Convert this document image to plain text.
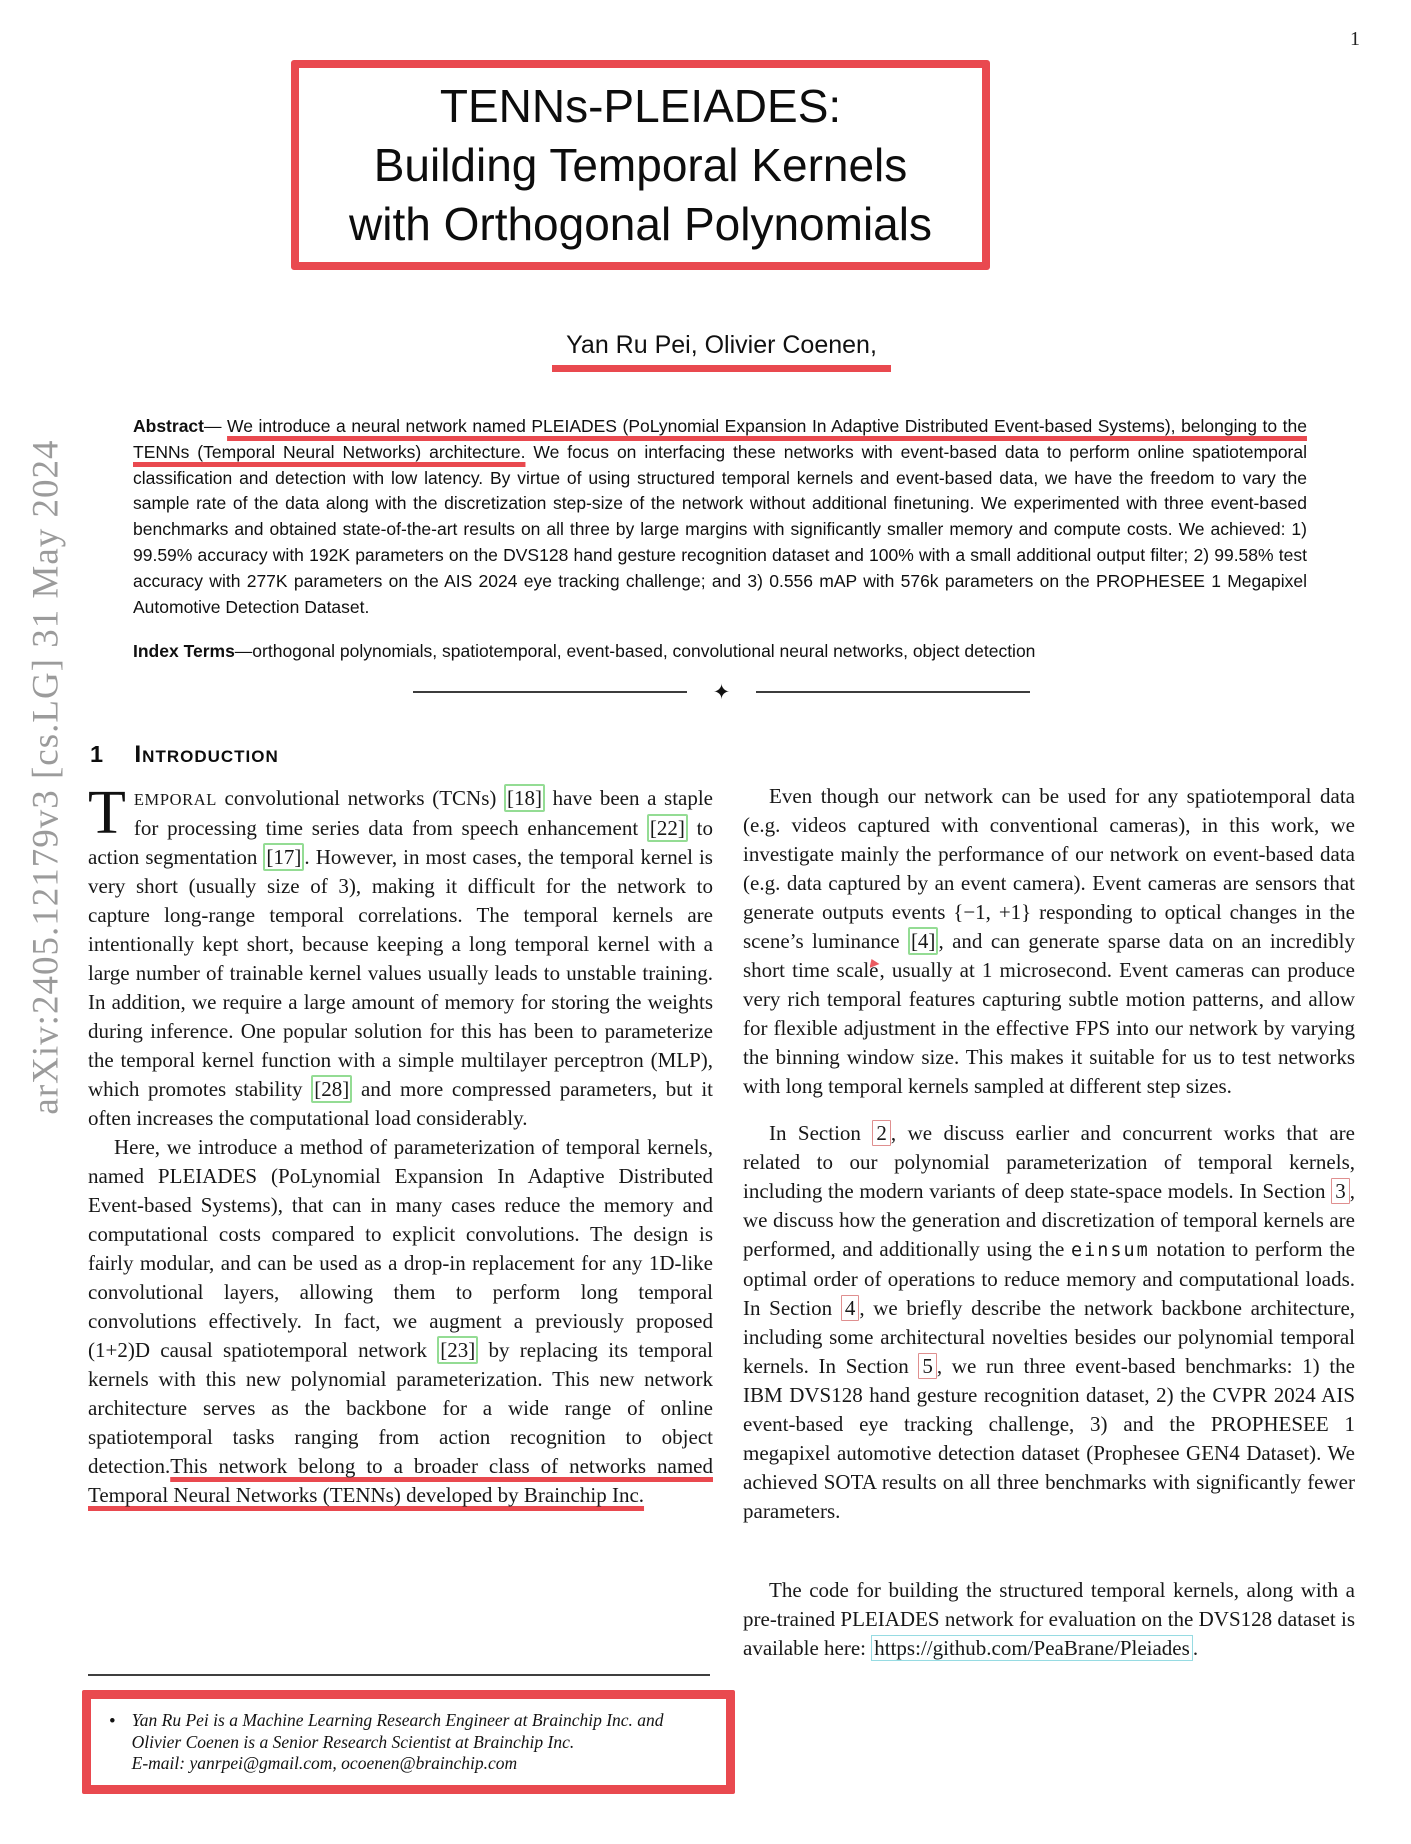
1
arXiv:2405.12179v3 [cs.LG] 31 May 2024
TENNs-PLEIADES:
Building Temporal Kernels
with Orthogonal Polynomials
Yan Ru Pei, Olivier Coenen,
Abstract— We introduce a neural network named PLEIADES (PoLynomial Expansion In Adaptive Distributed Event-based Systems), belonging to the TENNs (Temporal Neural Networks) architecture. We focus on interfacing these networks with event-based data to perform online spatiotemporal classification and detection with low latency. By virtue of using structured temporal kernels and event-based data, we have the freedom to vary the sample rate of the data along with the discretization step-size of the network without additional finetuning. We experimented with three event-based benchmarks and obtained state-of-the-art results on all three by large margins with significantly smaller memory and compute costs. We achieved: 1) 99.59% accuracy with 192K parameters on the DVS128 hand gesture recognition dataset and 100% with a small additional output filter; 2) 99.58% test accuracy with 277K parameters on the AIS 2024 eye tracking challenge; and 3) 0.556 mAP with 576k parameters on the PROPHESEE 1 Megapixel Automotive Detection Dataset.
Index Terms—orthogonal polynomials, spatiotemporal, event-based, convolutional neural networks, object detection
✦
1 Introduction

TEMPORAL convolutional networks (TCNs) [18] have been a staple for processing time series data from speech enhancement [22] to action segmentation [17] . However, in most cases, the temporal kernel is very short (usually size of 3), making it difficult for the network to capture long-range temporal correlations. The temporal kernels are intentionally kept short, because keeping a long temporal kernel with a large number of trainable kernel values usually leads to unstable training. In addition, we require a large amount of memory for storing the weights during inference. One popular solution for this has been to parameterize the temporal kernel function with a simple multilayer perceptron (MLP), which promotes stability [28] and more compressed parameters, but it often increases the computational load considerably.

Here, we introduce a method of parameterization of temporal kernels, named PLEIADES (PoLynomial Expansion In Adaptive Distributed Event-based Systems), that can in many cases reduce the memory and computational costs compared to explicit convolutions. The design is fairly modular, and can be used as a drop-in replacement for any 1D-like convolutional layers, allowing them to perform long temporal convolutions effectively. In fact, we augment a previously proposed (1+2)D causal spatiotemporal network [23] by replacing its temporal kernels with this new polynomial parameterization. This new network architecture serves as the backbone for a wide range of online spatiotemporal tasks ranging from action recognition to object detection.This network belong to a broader class of networks named Temporal Neural Networks (TENNs) developed by Brainchip Inc.

Even though our network can be used for any spatiotemporal data (e.g. videos captured with conventional cameras), in this work, we investigate mainly the performance of our network on event-based data (e.g. data captured by an event camera). Event cameras are sensors that generate outputs events {−1, +1} responding to optical changes in the scene’s luminance [4] , and can generate sparse data on an incredibly short time scale, usually at 1 microsecond. Event cameras can produce very rich temporal features capturing subtle motion patterns, and allow for flexible adjustment in the effective FPS into our network by varying the binning window size. This makes it suitable for us to test networks with long temporal kernels sampled at different step sizes.

In Section 2 , we discuss earlier and concurrent works that are related to our polynomial parameterization of temporal kernels, including the modern variants of deep state-space models. In Section 3 , we discuss how the generation and discretization of temporal kernels are performed, and additionally using the einsum notation to perform the optimal order of operations to reduce memory and computational loads. In Section 4 , we briefly describe the network backbone architecture, including some architectural novelties besides our polynomial temporal kernels. In Section 5 , we run three event-based benchmarks: 1) the IBM DVS128 hand gesture recognition dataset, 2) the CVPR 2024 AIS event-based eye tracking challenge, 3) and the PROPHESEE 1 megapixel automotive detection dataset (Prophesee GEN4 Dataset). We achieved SOTA results on all three benchmarks with significantly fewer parameters.

The code for building the structured temporal kernels, along with a pre-trained PLEIADES network for evaluation on the DVS128 dataset is available here: https://github.com/PeaBrane/Pleiades .

• Yan Ru Pei is a Machine Learning Research Engineer at Brainchip Inc. and Olivier Coenen is a Senior Research Scientist at Brainchip Inc.
E-mail: yanrpei@gmail.com, ocoenen@brainchip.com
